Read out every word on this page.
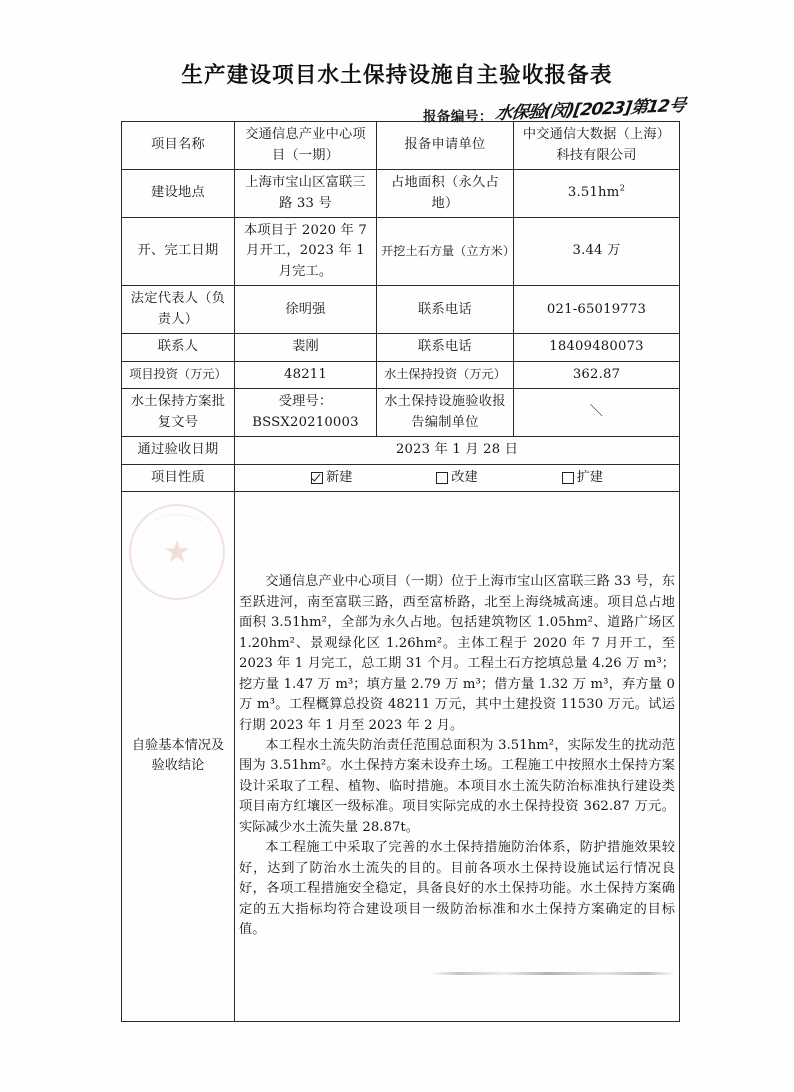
生产建设项目水土保持设施自主验收报备表
报备编号： 水保验(闵)[2023]第12号
项目名称	交通信息产业中心项目（一期）	报备申请单位	中交通信大数据（上海）科技有限公司
建设地点	上海市宝山区富联三路 33 号	占地面积（永久占地）	$3.51hm^2$
开、完工日期	本项目于 2020 年 7 月开工，2023 年 1 月完工。	开挖土石方量（立方米）	3.44 万
法定代表人（负责人）	徐明强	联系电话	021-65019773
联系人	裴刚	联系电话	18409480073
项目投资（万元）	48211	水土保持投资（万元）	362.87
水土保持方案批复文号	受理号：
BSSX20210003	水土保持设施验收报告编制单位	＼
通过验收日期	2023 年 1 月 28 日		
项目性质	新建 改建 扩建		

★
自验基本情况及验收结论	交通信息产业中心项目（一期）位于上海市宝山区富联三路 33 号，东至跃进河，南至富联三路，西至富桥路，北至上海绕城高速。项目总占地面积 3.51hm²，全部为永久占地。包括建筑物区 1.05hm²、道路广场区 1.20hm²、景观绿化区 1.26hm²。主体工程于 2020 年 7 月开工，至 2023 年 1 月完工，总工期 31 个月。工程土石方挖填总量 4.26 万 m³；挖方量 1.47 万 m³；填方量 2.79 万 m³；借方量 1.32 万 m³，弃方量 0 万 m³。工程概算总投资 48211 万元，其中土建投资 11530 万元。试运行期 2023 年 1 月至 2023 年 2 月。

本工程水土流失防治责任范围总面积为 3.51hm²，实际发生的扰动范围为 3.51hm²。水土保持方案未设弃土场。工程施工中按照水土保持方案设计采取了工程、植物、临时措施。本项目水土流失防治标准执行建设类项目南方红壤区一级标准。项目实际完成的水土保持投资 362.87 万元。实际减少水土流失量 28.87t。

本工程施工中采取了完善的水土保持措施防治体系，防护措施效果较好，达到了防治水土流失的目的。目前各项水土保持设施试运行情况良好，各项工程措施安全稳定，具备良好的水土保持功能。水土保持方案确定的五大指标均符合建设项目一级防治标准和水土保持方案确定的目标值。		
